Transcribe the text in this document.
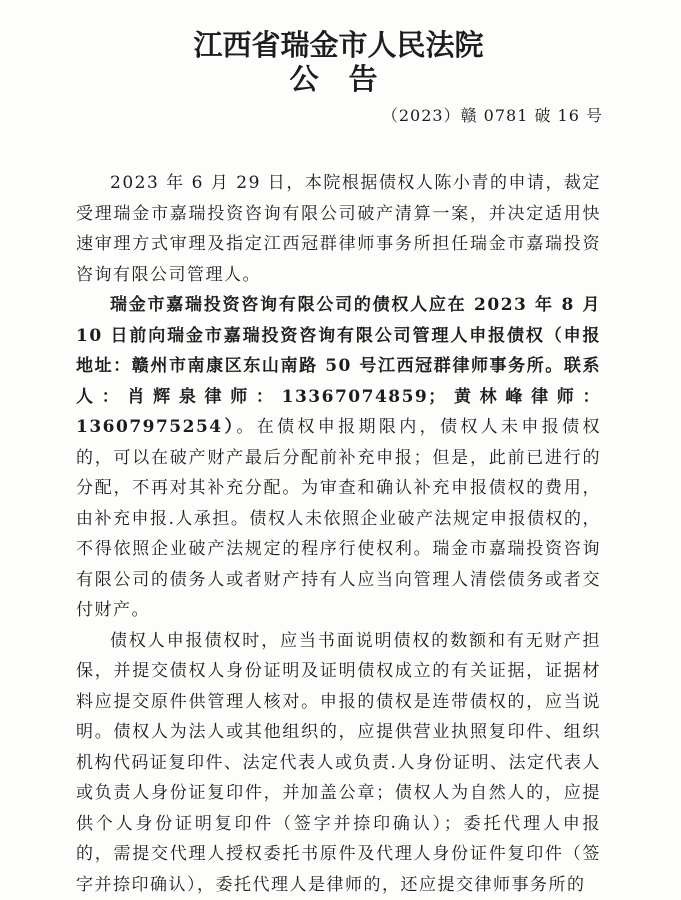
江西省瑞金市人民法院
公 告
（2023）赣 0781 破 16 号

2023 年 6 月 29 日，本院根据债权人陈小青的申请，裁定受理瑞金市嘉瑞投资咨询有限公司破产清算一案，并决定适用快速审理方式审理及指定江西冠群律师事务所担任瑞金市嘉瑞投资咨询有限公司管理人。

瑞金市嘉瑞投资咨询有限公司的债权人应在 2023 年 8 月 10 日前向瑞金市嘉瑞投资咨询有限公司管理人申报债权（申报地址：赣州市南康区东山南路 50 号江西冠群律师事务所。联系人：肖辉泉律师：13367074859；黄林峰律师：13607975254）。在债权申报期限内，债权人未申报债权的，可以在破产财产最后分配前补充申报；但是，此前已进行的分配，不再对其补充分配。为审查和确认补充申报债权的费用，由补充申报.人承担。债权人未依照企业破产法规定申报债权的，不得依照企业破产法规定的程序行使权利。瑞金市嘉瑞投资咨询有限公司的债务人或者财产持有人应当向管理人清偿债务或者交付财产。

债权人申报债权时，应当书面说明债权的数额和有无财产担保，并提交债权人身份证明及证明债权成立的有关证据，证据材料应提交原件供管理人核对。申报的债权是连带债权的，应当说明。债权人为法人或其他组织的，应提供营业执照复印件、组织机构代码证复印件、法定代表人或负责.人身份证明、法定代表人或负责人身份证复印件，并加盖公章；债权人为自然人的，应提供个人身份证明复印件（签字并捺印确认）；委托代理人申报的，需提交代理人授权委托书原件及代理人身份证件复印件（签字并捺印确认），委托代理人是律师的，还应提交律师事务所的
